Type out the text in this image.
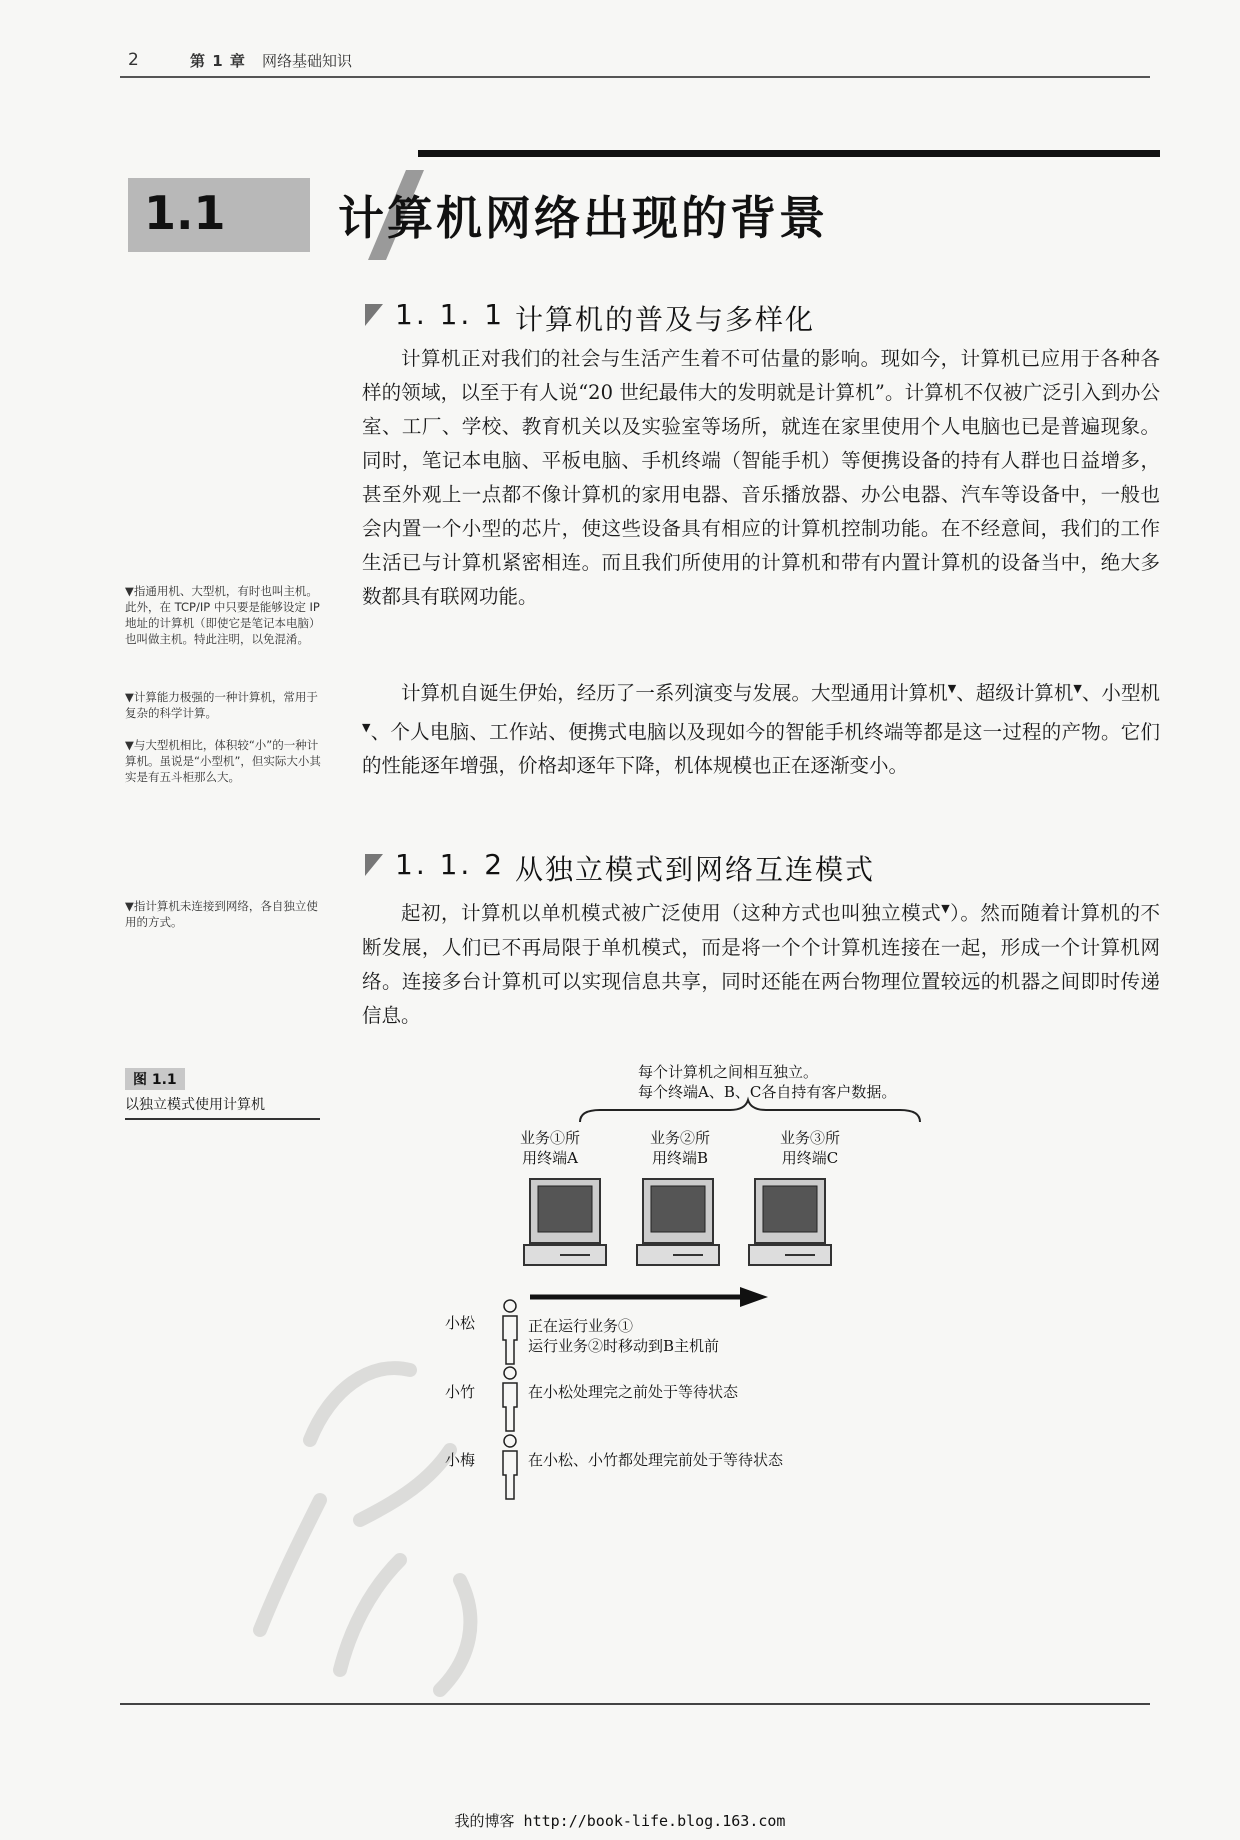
2	第 1 章 网络基础知识
1.1 计算机网络出现的背景
1. 1. 1 计算机的普及与多样化

计算机正对我们的社会与生活产生着不可估量的影响。现如今，计算机已应用于各种各样的领域，以至于有人说“20 世纪最伟大的发明就是计算机”。计算机不仅被广泛引入到办公室、工厂、学校、教育机关以及实验室等场所，就连在家里使用个人电脑也已是普遍现象。同时，笔记本电脑、平板电脑、手机终端（智能手机）等便携设备的持有人群也日益增多，甚至外观上一点都不像计算机的家用电器、音乐播放器、办公电器、汽车等设备中，一般也会内置一个小型的芯片，使这些设备具有相应的计算机控制功能。在不经意间，我们的工作生活已与计算机紧密相连。而且我们所使用的计算机和带有内置计算机的设备当中，绝大多数都具有联网功能。

计算机自诞生伊始，经历了一系列演变与发展。大型通用计算机▼、超级计算机▼、小型机▼、个人电脑、工作站、便携式电脑以及现如今的智能手机终端等都是这一过程的产物。它们的性能逐年增强，价格却逐年下降，机体规模也正在逐渐变小。

1. 1. 2 从独立模式到网络互连模式

起初，计算机以单机模式被广泛使用（这种方式也叫独立模式▼）。然而随着计算机的不断发展，人们已不再局限于单机模式，而是将一个个计算机连接在一起，形成一个计算机网络。连接多台计算机可以实现信息共享，同时还能在两台物理位置较远的机器之间即时传递信息。

▼指通用机、大型机，有时也叫主机。此外，在 TCP/IP 中只要是能够设定 IP 地址的计算机（即使它是笔记本电脑）也叫做主机。特此注明，以免混淆。
▼计算能力极强的一种计算机，常用于复杂的科学计算。
▼与大型机相比，体积较“小”的一种计算机。虽说是“小型机”，但实际大小其实是有五斗柜那么大。
▼指计算机未连接到网络，各自独立使用的方式。
图 1.1
以独立模式使用计算机
每个计算机之间相互独立。
每个终端A、B、C各自持有客户数据。
业务①所
用终端A
业务②所
用终端B
业务③所
用终端C
小松	正在运行业务①
运行业务②时移动到B主机前
小竹	在小松处理完之前处于等待状态
小梅	在小松、小竹都处理完前处于等待状态
我的博客 http://book-life.blog.163.com
